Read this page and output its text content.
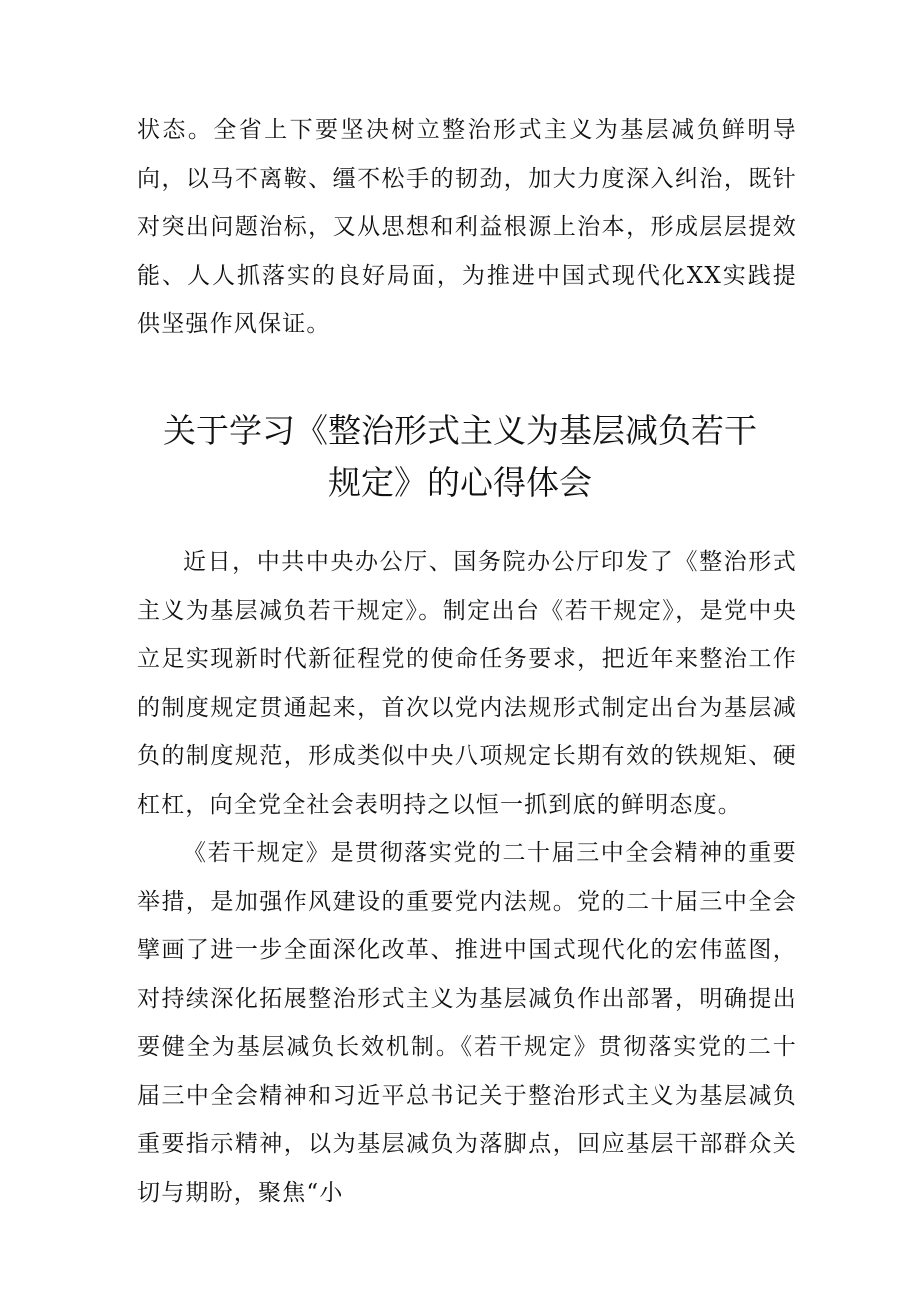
状态。全省上下要坚决树立整治形式主义为基层减负鲜明导向，以马不离鞍、缰不松手的韧劲，加大力度深入纠治，既针对突出问题治标，又从思想和利益根源上治本，形成层层提效能、人人抓落实的良好局面，为推进中国式现代化XX实践提供坚强作风保证。

关于学习《整治形式主义为基层减负若干
规定》的心得体会

近日，中共中央办公厅、国务院办公厅印发了《整治形式主义为基层减负若干规定》。制定出台《若干规定》，是党中央立足实现新时代新征程党的使命任务要求，把近年来整治工作的制度规定贯通起来，首次以党内法规形式制定出台为基层减负的制度规范，形成类似中央八项规定长期有效的铁规矩、硬杠杠，向全党全社会表明持之以恒一抓到底的鲜明态度。

《若干规定》是贯彻落实党的二十届三中全会精神的重要举措，是加强作风建设的重要党内法规。党的二十届三中全会擘画了进一步全面深化改革、推进中国式现代化的宏伟蓝图，对持续深化拓展整治形式主义为基层减负作出部署，明确提出要健全为基层减负长效机制。《若干规定》贯彻落实党的二十届三中全会精神和习近平总书记关于整治形式主义为基层减负重要指示精神，以为基层减负为落脚点，回应基层干部群众关切与期盼，聚焦“小
